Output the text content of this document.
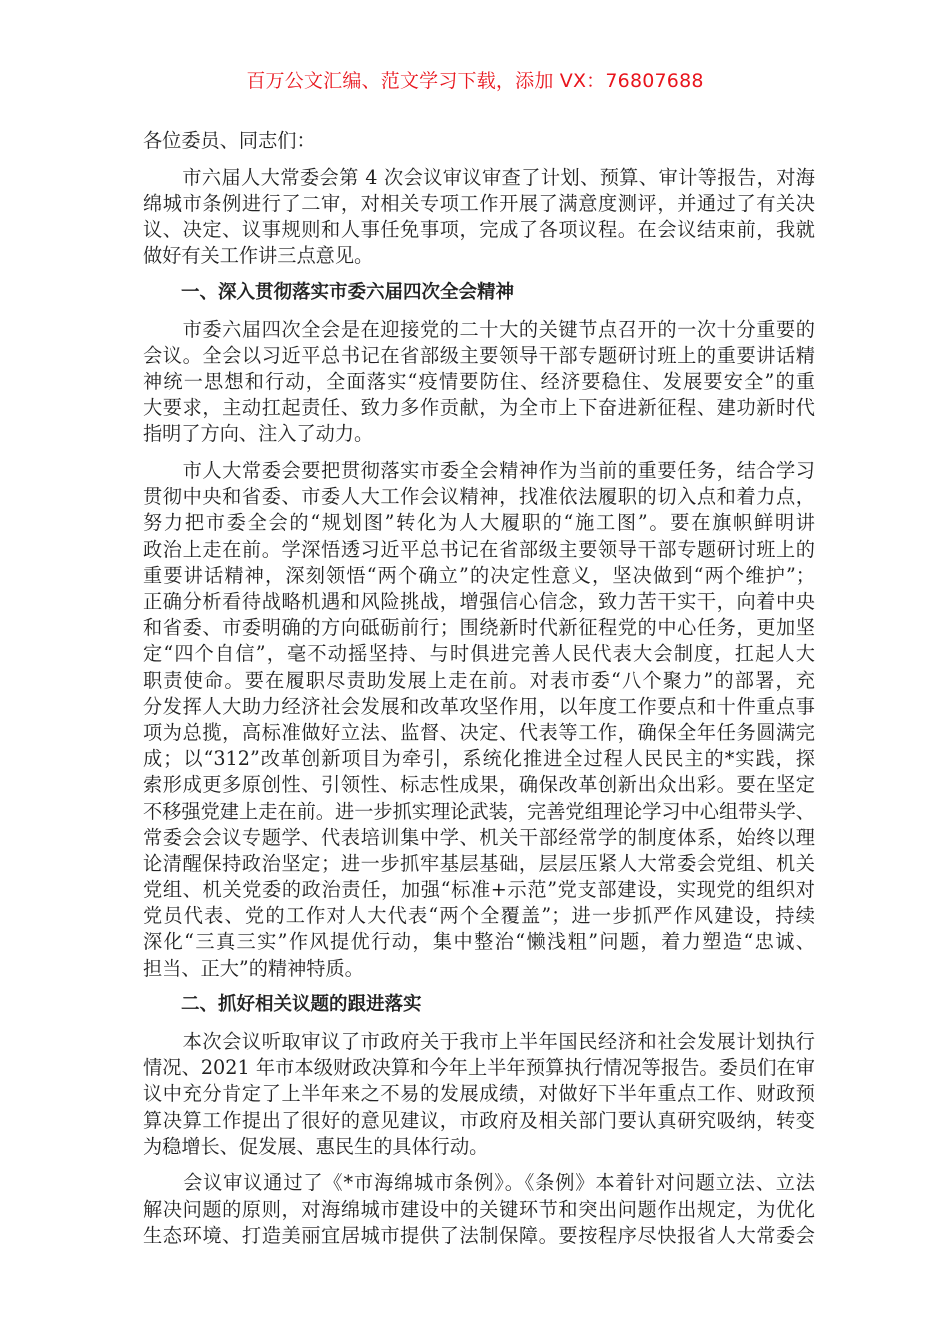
百万公文汇编、范文学习下载，添加 VX：76807688
各位委员、同志们：
　　市六届人大常委会第 4 次会议审议审查了计划、预算、审计等报告，对海
绵城市条例进行了二审，对相关专项工作开展了满意度测评，并通过了有关决
议、决定、议事规则和人事任免事项，完成了各项议程。在会议结束前，我就
做好有关工作讲三点意见。
一、深入贯彻落实市委六届四次全会精神
　　市委六届四次全会是在迎接党的二十大的关键节点召开的一次十分重要的
会议。全会以习近平总书记在省部级主要领导干部专题研讨班上的重要讲话精
神统一思想和行动，全面落实“疫情要防住、经济要稳住、发展要安全”的重
大要求，主动扛起责任、致力多作贡献，为全市上下奋进新征程、建功新时代
指明了方向、注入了动力。
　　市人大常委会要把贯彻落实市委全会精神作为当前的重要任务，结合学习
贯彻中央和省委、市委人大工作会议精神，找准依法履职的切入点和着力点，
努力把市委全会的“规划图”转化为人大履职的“施工图”。要在旗帜鲜明讲
政治上走在前。学深悟透习近平总书记在省部级主要领导干部专题研讨班上的
重要讲话精神，深刻领悟“两个确立”的决定性意义，坚决做到“两个维护”；
正确分析看待战略机遇和风险挑战，增强信心信念，致力苦干实干，向着中央
和省委、市委明确的方向砥砺前行；围绕新时代新征程党的中心任务，更加坚
定“四个自信”，毫不动摇坚持、与时俱进完善人民代表大会制度，扛起人大
职责使命。要在履职尽责助发展上走在前。对表市委“八个聚力”的部署，充
分发挥人大助力经济社会发展和改革攻坚作用，以年度工作要点和十件重点事
项为总揽，高标准做好立法、监督、决定、代表等工作，确保全年任务圆满完
成；以“312”改革创新项目为牵引，系统化推进全过程人民民主的*实践，探
索形成更多原创性、引领性、标志性成果，确保改革创新出众出彩。要在坚定
不移强党建上走在前。进一步抓实理论武装，完善党组理论学习中心组带头学、
常委会会议专题学、代表培训集中学、机关干部经常学的制度体系，始终以理
论清醒保持政治坚定；进一步抓牢基层基础，层层压紧人大常委会党组、机关
党组、机关党委的政治责任，加强“标准+示范”党支部建设，实现党的组织对
党员代表、党的工作对人大代表“两个全覆盖”；进一步抓严作风建设，持续
深化“三真三实”作风提优行动，集中整治“懒浅粗”问题，着力塑造“忠诚、
担当、正大”的精神特质。
二、抓好相关议题的跟进落实
　　本次会议听取审议了市政府关于我市上半年国民经济和社会发展计划执行
情况、2021 年市本级财政决算和今年上半年预算执行情况等报告。委员们在审
议中充分肯定了上半年来之不易的发展成绩，对做好下半年重点工作、财政预
算决算工作提出了很好的意见建议，市政府及相关部门要认真研究吸纳，转变
为稳增长、促发展、惠民生的具体行动。
　　会议审议通过了《*市海绵城市条例》。《条例》本着针对问题立法、立法
解决问题的原则，对海绵城市建设中的关键环节和突出问题作出规定，为优化
生态环境、打造美丽宜居城市提供了法制保障。要按程序尽快报省人大常委会
